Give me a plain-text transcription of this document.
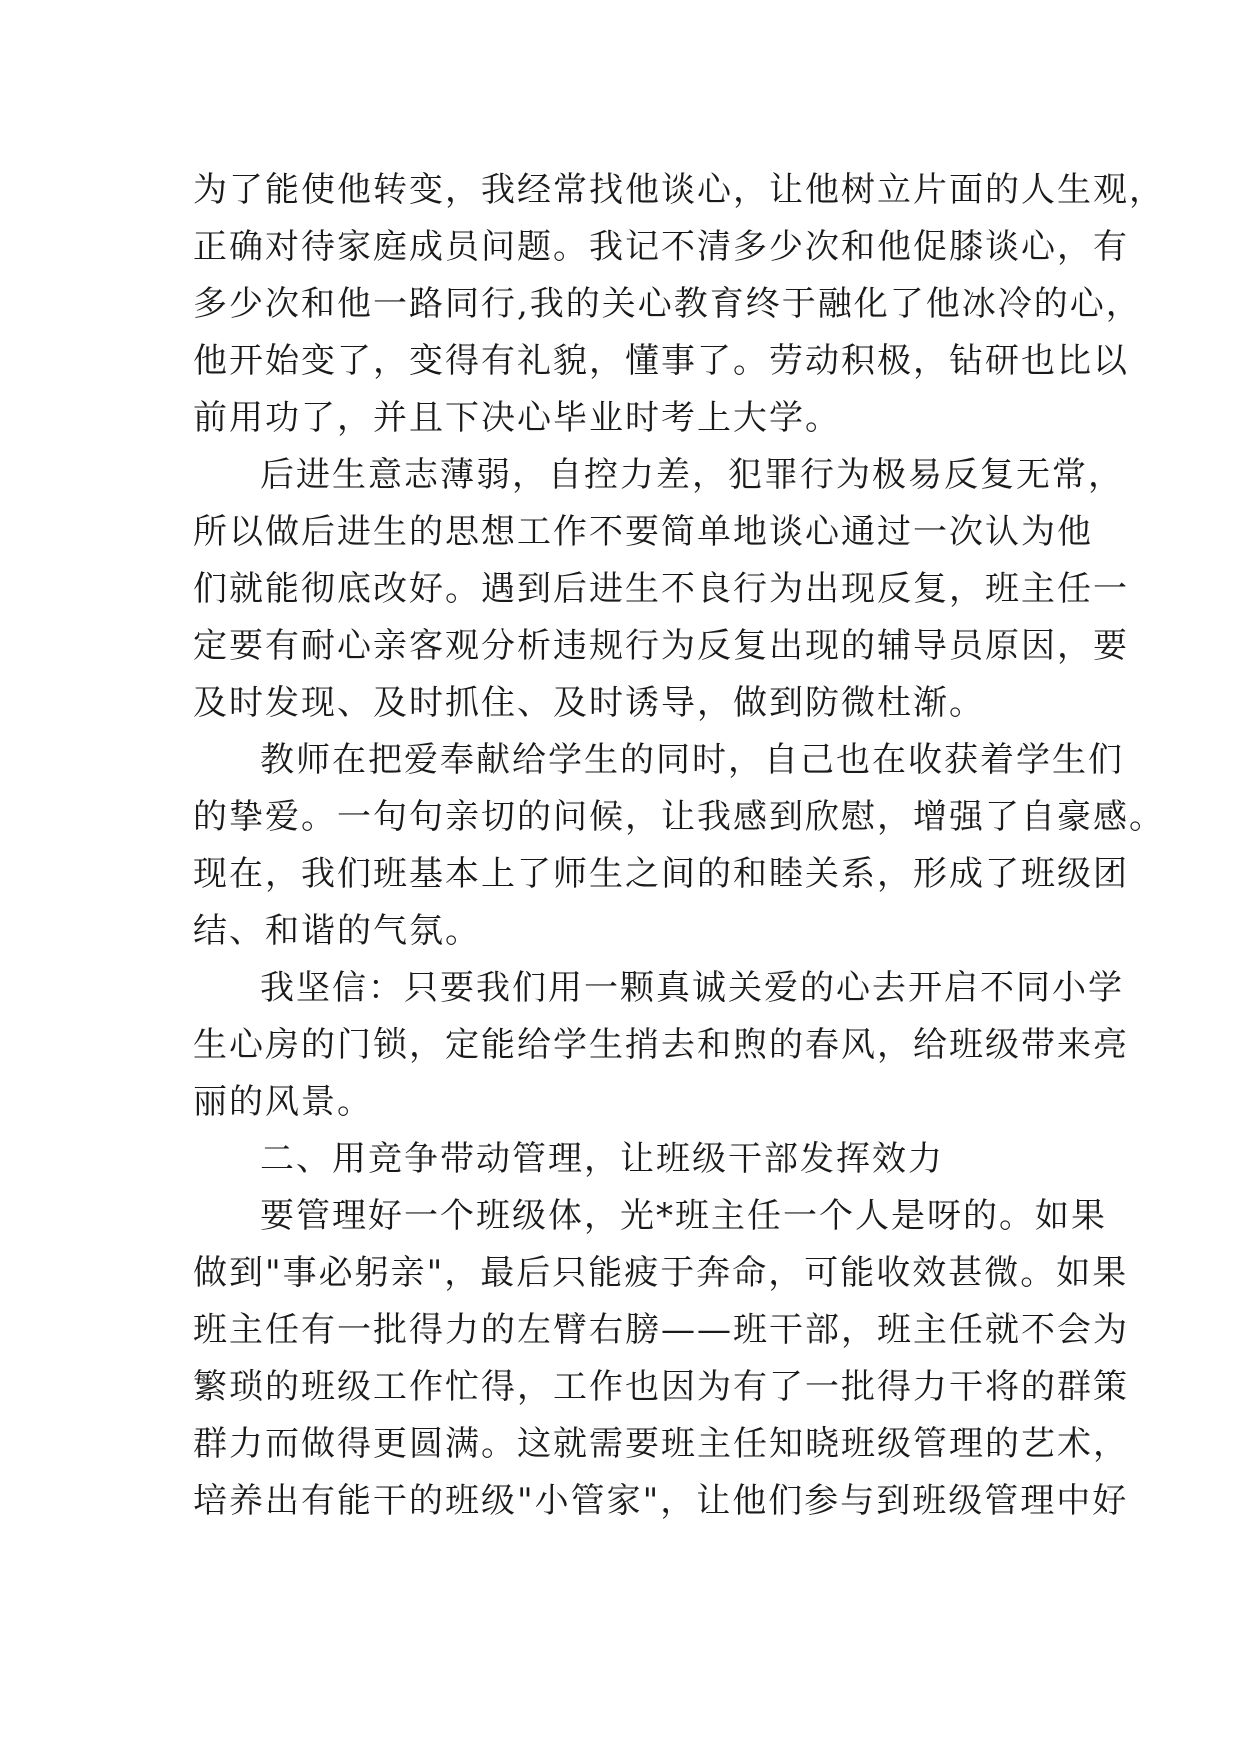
为了能使他转变，我经常找他谈心，让他树立片面的人生观，
正确对待家庭成员问题。我记不清多少次和他促膝谈心，有
多少次和他一路同行,我的关心教育终于融化了他冰冷的心，
他开始变了，变得有礼貌，懂事了。劳动积极，钻研也比以
前用功了，并且下决心毕业时考上大学。
后进生意志薄弱，自控力差，犯罪行为极易反复无常，
所以做后进生的思想工作不要简单地谈心通过一次认为他
们就能彻底改好。遇到后进生不良行为出现反复，班主任一
定要有耐心亲客观分析违规行为反复出现的辅导员原因，要
及时发现、及时抓住、及时诱导，做到防微杜渐。
教师在把爱奉献给学生的同时，自己也在收获着学生们
的挚爱。一句句亲切的问候，让我感到欣慰，增强了自豪感。
现在，我们班基本上了师生之间的和睦关系，形成了班级团
结、和谐的气氛。
我坚信：只要我们用一颗真诚关爱的心去开启不同小学
生心房的门锁，定能给学生捎去和煦的春风，给班级带来亮
丽的风景。
二、用竞争带动管理，让班级干部发挥效力
要管理好一个班级体，光*班主任一个人是呀的。如果
做到"事必躬亲"，最后只能疲于奔命，可能收效甚微。如果
班主任有一批得力的左臂右膀——班干部，班主任就不会为
繁琐的班级工作忙得，工作也因为有了一批得力干将的群策
群力而做得更圆满。这就需要班主任知晓班级管理的艺术，
培养出有能干的班级"小管家"，让他们参与到班级管理中好
